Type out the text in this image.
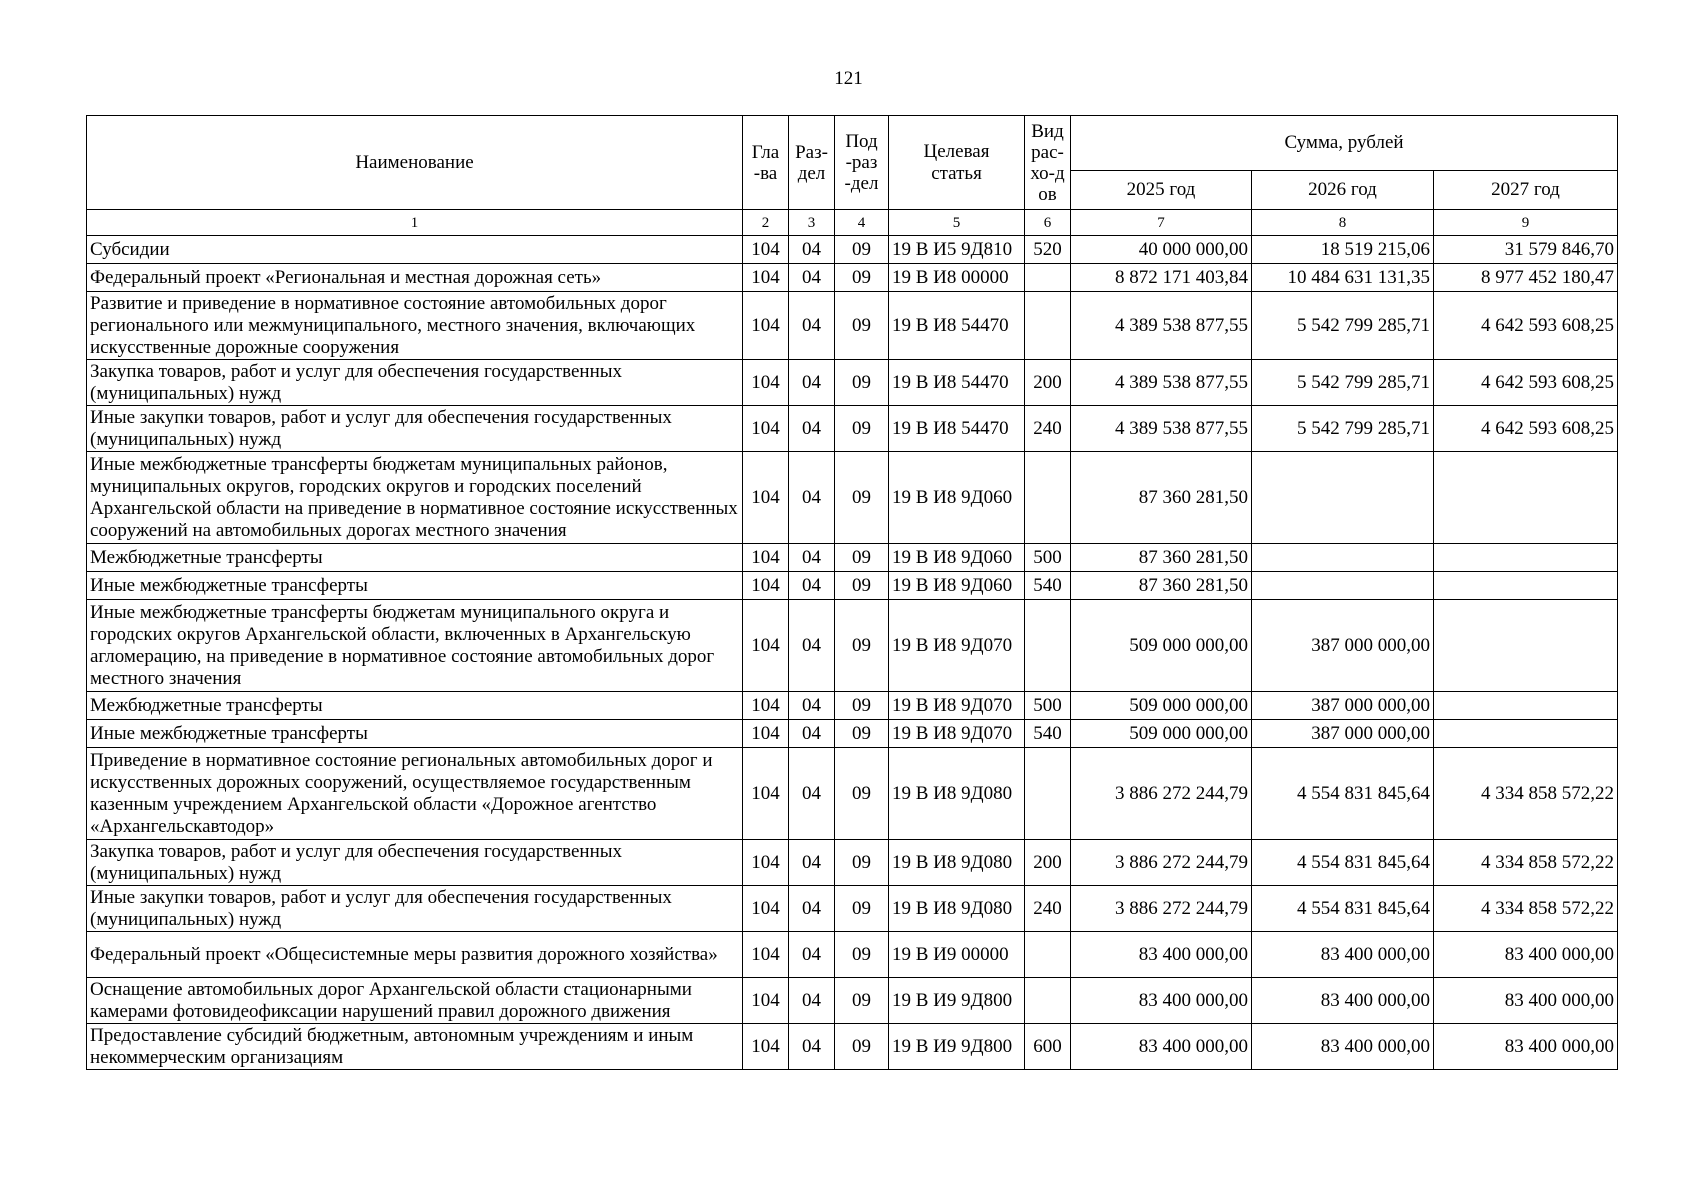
121
Наименование	Гла-ва	Раз-дел	Под-раз-дел	Целевая статья	Вид рас-хо-дов	Сумма, рублей		
						2025 год	2026 год	2027 год
1	2	3	4	5	6	7	8	9
Субсидии	104	04	09	19 В И5 9Д810	520	40 000 000,00	18 519 215,06	31 579 846,70
Федеральный проект «Региональная и местная дорожная сеть»	104	04	09	19 В И8 00000		8 872 171 403,84	10 484 631 131,35	8 977 452 180,47
Развитие и приведение в нормативное состояние автомобильных дорог регионального или межмуниципального, местного значения, включающих искусственные дорожные сооружения	104	04	09	19 В И8 54470		4 389 538 877,55	5 542 799 285,71	4 642 593 608,25
Закупка товаров, работ и услуг для обеспечения государственных (муниципальных) нужд	104	04	09	19 В И8 54470	200	4 389 538 877,55	5 542 799 285,71	4 642 593 608,25
Иные закупки товаров, работ и услуг для обеспечения государственных (муниципальных) нужд	104	04	09	19 В И8 54470	240	4 389 538 877,55	5 542 799 285,71	4 642 593 608,25
Иные межбюджетные трансферты бюджетам муниципальных районов, муниципальных округов, городских округов и городских поселений Архангельской области на приведение в нормативное состояние искусственных сооружений на автомобильных дорогах местного значения	104	04	09	19 В И8 9Д060		87 360 281,50		
Межбюджетные трансферты	104	04	09	19 В И8 9Д060	500	87 360 281,50		
Иные межбюджетные трансферты	104	04	09	19 В И8 9Д060	540	87 360 281,50		
Иные межбюджетные трансферты бюджетам муниципального округа и городских округов Архангельской области, включенных в Архангельскую агломерацию, на приведение в нормативное состояние автомобильных дорог местного значения	104	04	09	19 В И8 9Д070		509 000 000,00	387 000 000,00	
Межбюджетные трансферты	104	04	09	19 В И8 9Д070	500	509 000 000,00	387 000 000,00	
Иные межбюджетные трансферты	104	04	09	19 В И8 9Д070	540	509 000 000,00	387 000 000,00	
Приведение в нормативное состояние региональных автомобильных дорог и искусственных дорожных сооружений, осуществляемое государственным казенным учреждением Архангельской области «Дорожное агентство «Архангельскавтодор»	104	04	09	19 В И8 9Д080		3 886 272 244,79	4 554 831 845,64	4 334 858 572,22
Закупка товаров, работ и услуг для обеспечения государственных (муниципальных) нужд	104	04	09	19 В И8 9Д080	200	3 886 272 244,79	4 554 831 845,64	4 334 858 572,22
Иные закупки товаров, работ и услуг для обеспечения государственных (муниципальных) нужд	104	04	09	19 В И8 9Д080	240	3 886 272 244,79	4 554 831 845,64	4 334 858 572,22
Федеральный проект «Общесистемные меры развития дорожного хозяйства»	104	04	09	19 В И9 00000		83 400 000,00	83 400 000,00	83 400 000,00
Оснащение автомобильных дорог Архангельской области стационарными камерами фотовидеофиксации нарушений правил дорожного движения	104	04	09	19 В И9 9Д800		83 400 000,00	83 400 000,00	83 400 000,00
Предоставление субсидий бюджетным, автономным учреждениям и иным некоммерческим организациям	104	04	09	19 В И9 9Д800	600	83 400 000,00	83 400 000,00	83 400 000,00
